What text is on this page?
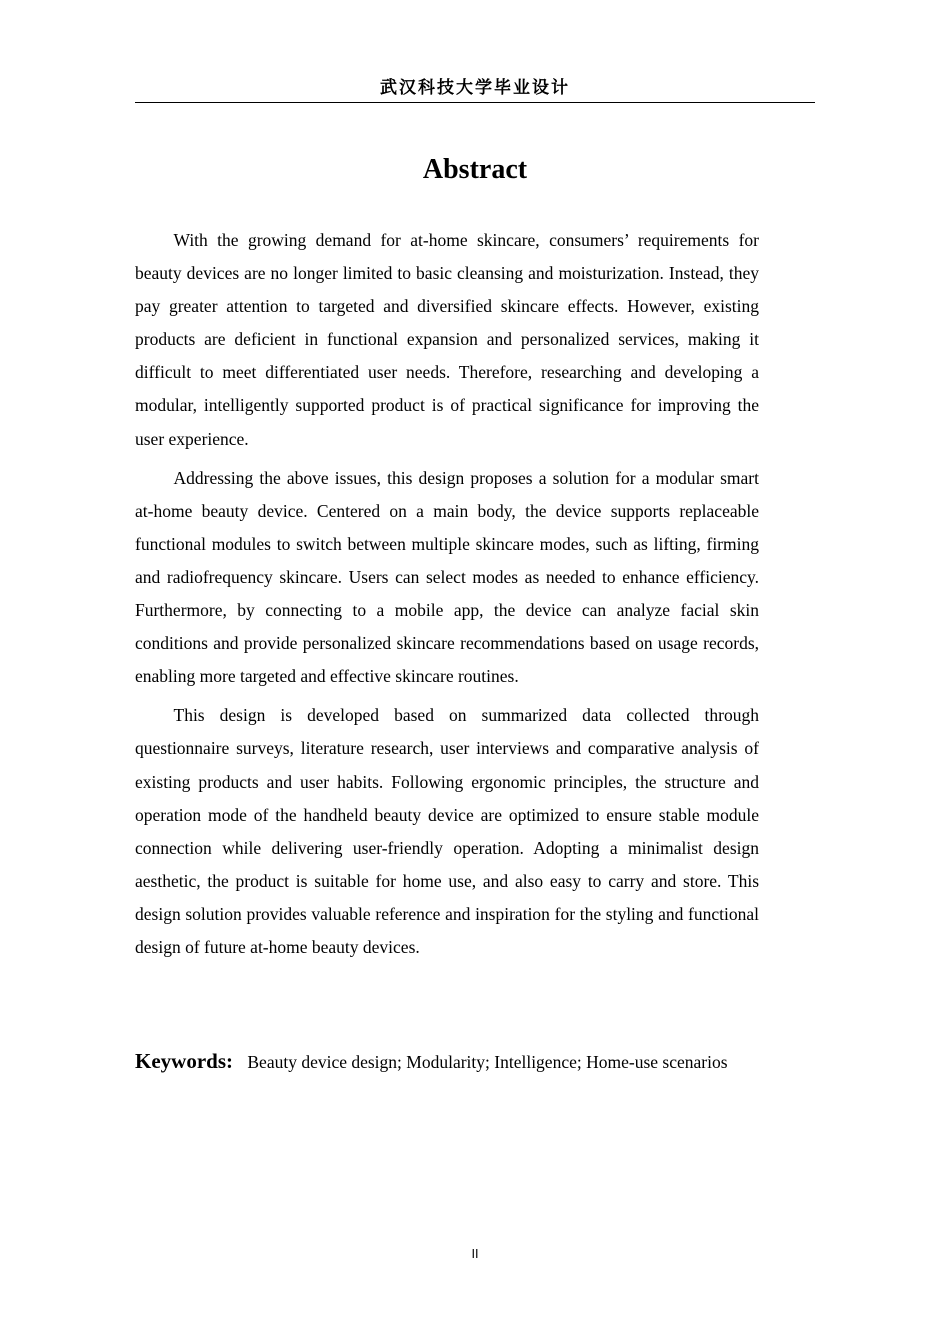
武汉科技大学毕业设计
Abstract

With the growing demand for at-home skincare, consumers’ requirements for beauty devices are no longer limited to basic cleansing and moisturization. Instead, they pay greater attention to targeted and diversified skincare effects. However, existing products are deficient in functional expansion and personalized services, making it difficult to meet differentiated user needs. Therefore, researching and developing a modular, intelligently supported product is of practical significance for improving the user experience.

Addressing the above issues, this design proposes a solution for a modular smart at-home beauty device. Centered on a main body, the device supports replaceable functional modules to switch between multiple skincare modes, such as lifting, firming and radiofrequency skincare. Users can select modes as needed to enhance efficiency. Furthermore, by connecting to a mobile app, the device can analyze facial skin conditions and provide personalized skincare recommendations based on usage records, enabling more targeted and effective skincare routines.

This design is developed based on summarized data collected through questionnaire surveys, literature research, user interviews and comparative analysis of existing products and user habits. Following ergonomic principles, the structure and operation mode of the handheld beauty device are optimized to ensure stable module connection while delivering user-friendly operation. Adopting a minimalist design aesthetic, the product is suitable for home use, and also easy to carry and store. This design solution provides valuable reference and inspiration for the styling and functional design of future at-home beauty devices.

Keywords: Beauty device design; Modularity; Intelligence; Home-use scenarios
II
